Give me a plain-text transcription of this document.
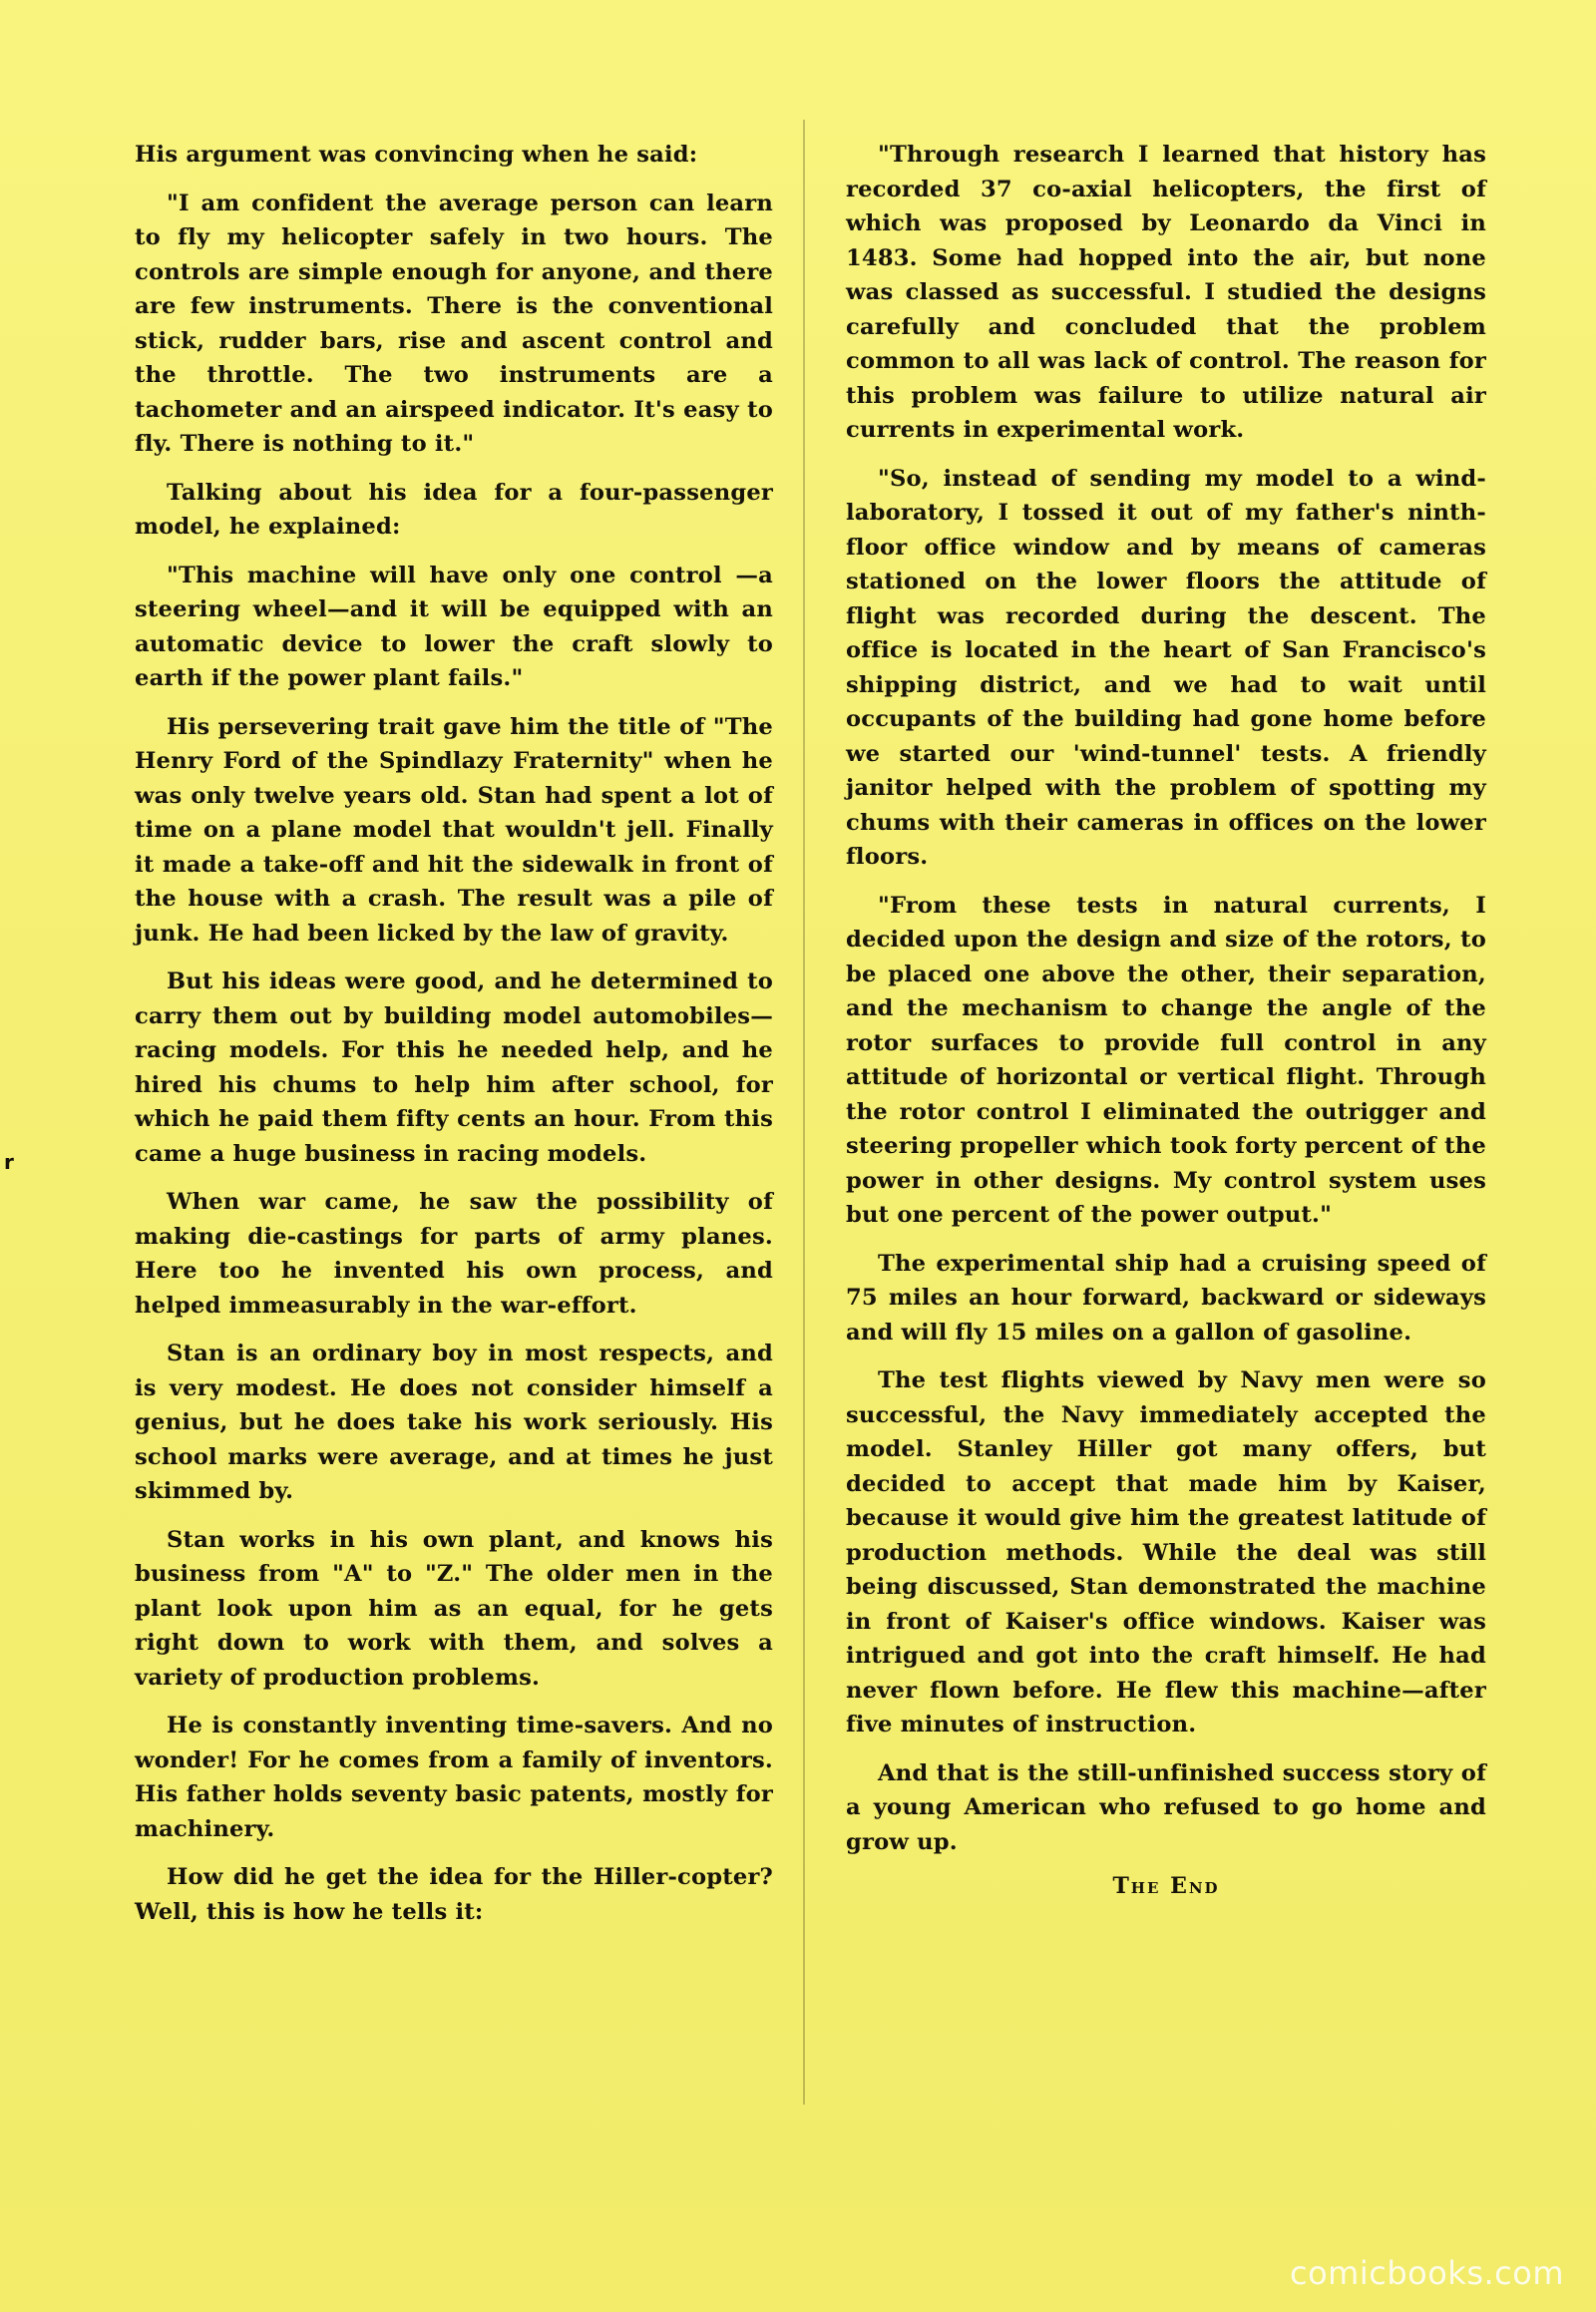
His argument was convincing when he said:

"I am confident the average person can learn to fly my helicopter safely in two hours. The controls are simple enough for anyone, and there are few instruments. There is the conventional stick, rudder bars, rise and ascent control and the throttle. The two instruments are a tachometer and an airspeed indicator. It's easy to fly. There is nothing to it."

Talking about his idea for a four-passenger model, he explained:

"This machine will have only one control —a steering wheel—and it will be equipped with an automatic device to lower the craft slowly to earth if the power plant fails."

His persevering trait gave him the title of "The Henry Ford of the Spindlazy Fraternity" when he was only twelve years old. Stan had spent a lot of time on a plane model that wouldn't jell. Finally it made a take-off and hit the sidewalk in front of the house with a crash. The result was a pile of junk. He had been licked by the law of gravity.

But his ideas were good, and he determined to carry them out by building model automobiles—racing models. For this he needed help, and he hired his chums to help him after school, for which he paid them fifty cents an hour. From this came a huge business in racing models.

When war came, he saw the possibility of making die-castings for parts of army planes. Here too he invented his own process, and helped immeasurably in the war-effort.

Stan is an ordinary boy in most respects, and is very modest. He does not consider himself a genius, but he does take his work seriously. His school marks were average, and at times he just skimmed by.

Stan works in his own plant, and knows his business from "A" to "Z." The older men in the plant look upon him as an equal, for he gets right down to work with them, and solves a variety of production problems.

He is constantly inventing time-savers. And no wonder! For he comes from a family of inventors. His father holds seventy basic patents, mostly for machinery.

How did he get the idea for the Hiller-copter? Well, this is how he tells it:

"Through research I learned that history has recorded 37 co-axial helicopters, the first of which was proposed by Leonardo da Vinci in 1483. Some had hopped into the air, but none was classed as successful. I studied the designs carefully and concluded that the problem common to all was lack of control. The reason for this problem was failure to utilize natural air currents in experimental work.

"So, instead of sending my model to a wind-laboratory, I tossed it out of my father's ninth-floor office window and by means of cameras stationed on the lower floors the attitude of flight was recorded during the descent. The office is located in the heart of San Francisco's shipping district, and we had to wait until occupants of the building had gone home before we started our 'wind-tunnel' tests. A friendly janitor helped with the problem of spotting my chums with their cameras in offices on the lower floors.

"From these tests in natural currents, I decided upon the design and size of the rotors, to be placed one above the other, their separation, and the mechanism to change the angle of the rotor surfaces to provide full control in any attitude of horizontal or vertical flight. Through the rotor control I eliminated the outrigger and steering propeller which took forty percent of the power in other designs. My control system uses but one percent of the power output."

The experimental ship had a cruising speed of 75 miles an hour forward, backward or sideways and will fly 15 miles on a gallon of gasoline.

The test flights viewed by Navy men were so successful, the Navy immediately accepted the model. Stanley Hiller got many offers, but decided to accept that made him by Kaiser, because it would give him the greatest latitude of production methods. While the deal was still being discussed, Stan demonstrated the machine in front of Kaiser's office windows. Kaiser was intrigued and got into the craft himself. He had never flown before. He flew this machine—after five minutes of instruction.

And that is the still-unfinished success story of a young American who refused to go home and grow up.

The End
r
comicbooks.com
